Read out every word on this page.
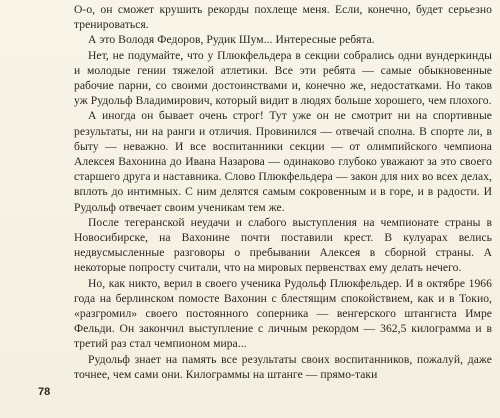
О-о, он сможет крушить рекорды похлеще меня. Если, конечно, будет серьезно тренироваться.

А это Володя Федоров, Рудик Шум... Интересные ребята.

Нет, не подумайте, что у Плюкфельдера в секции собрались одни вундеркинды и молодые гении тяжелой атлетики. Все эти ребята — самые обыкновенные рабочие парни, со своими достоинствами и, конечно же, недостатками. Но таков уж Рудольф Владимирович, который видит в людях больше хорошего, чем плохого.

А иногда он бывает очень строг! Тут уже он не смотрит ни на спортивные результаты, ни на ранги и отличия. Провинился — отвечай сполна. В спорте ли, в быту — неважно. И все воспитанники секции — от олимпийского чемпиона Алексея Вахонина до Ивана Назарова — одинаково глубоко уважают за это своего старшего друга и наставника. Слово Плюкфельдера — закон для них во всех делах, вплоть до интимных. С ним делятся самым сокровенным и в горе, и в радости. И Рудольф отвечает своим ученикам тем же.

После тегеранской неудачи и слабого выступления на чемпионате страны в Новосибирске, на Вахонине почти поставили крест. В кулуарах велись недвусмысленные разговоры о пребывании Алексея в сборной страны. А некоторые попросту считали, что на мировых первенствах ему делать нечего.

Но, как никто, верил в своего ученика Рудольф Плюкфельдер. И в октябре 1966 года на берлинском помосте Вахонин с блестящим спокойствием, как и в Токио, «разгромил» своего постоянного соперника — венгерского штангиста Имре Фельди. Он закончил выступление с личным рекордом — 362,5 килограмма и в третий раз стал чемпионом мира...

Рудольф знает на память все результаты своих воспитанников, пожалуй, даже точнее, чем сами они. Килограммы на штанге — прямо-таки

78
